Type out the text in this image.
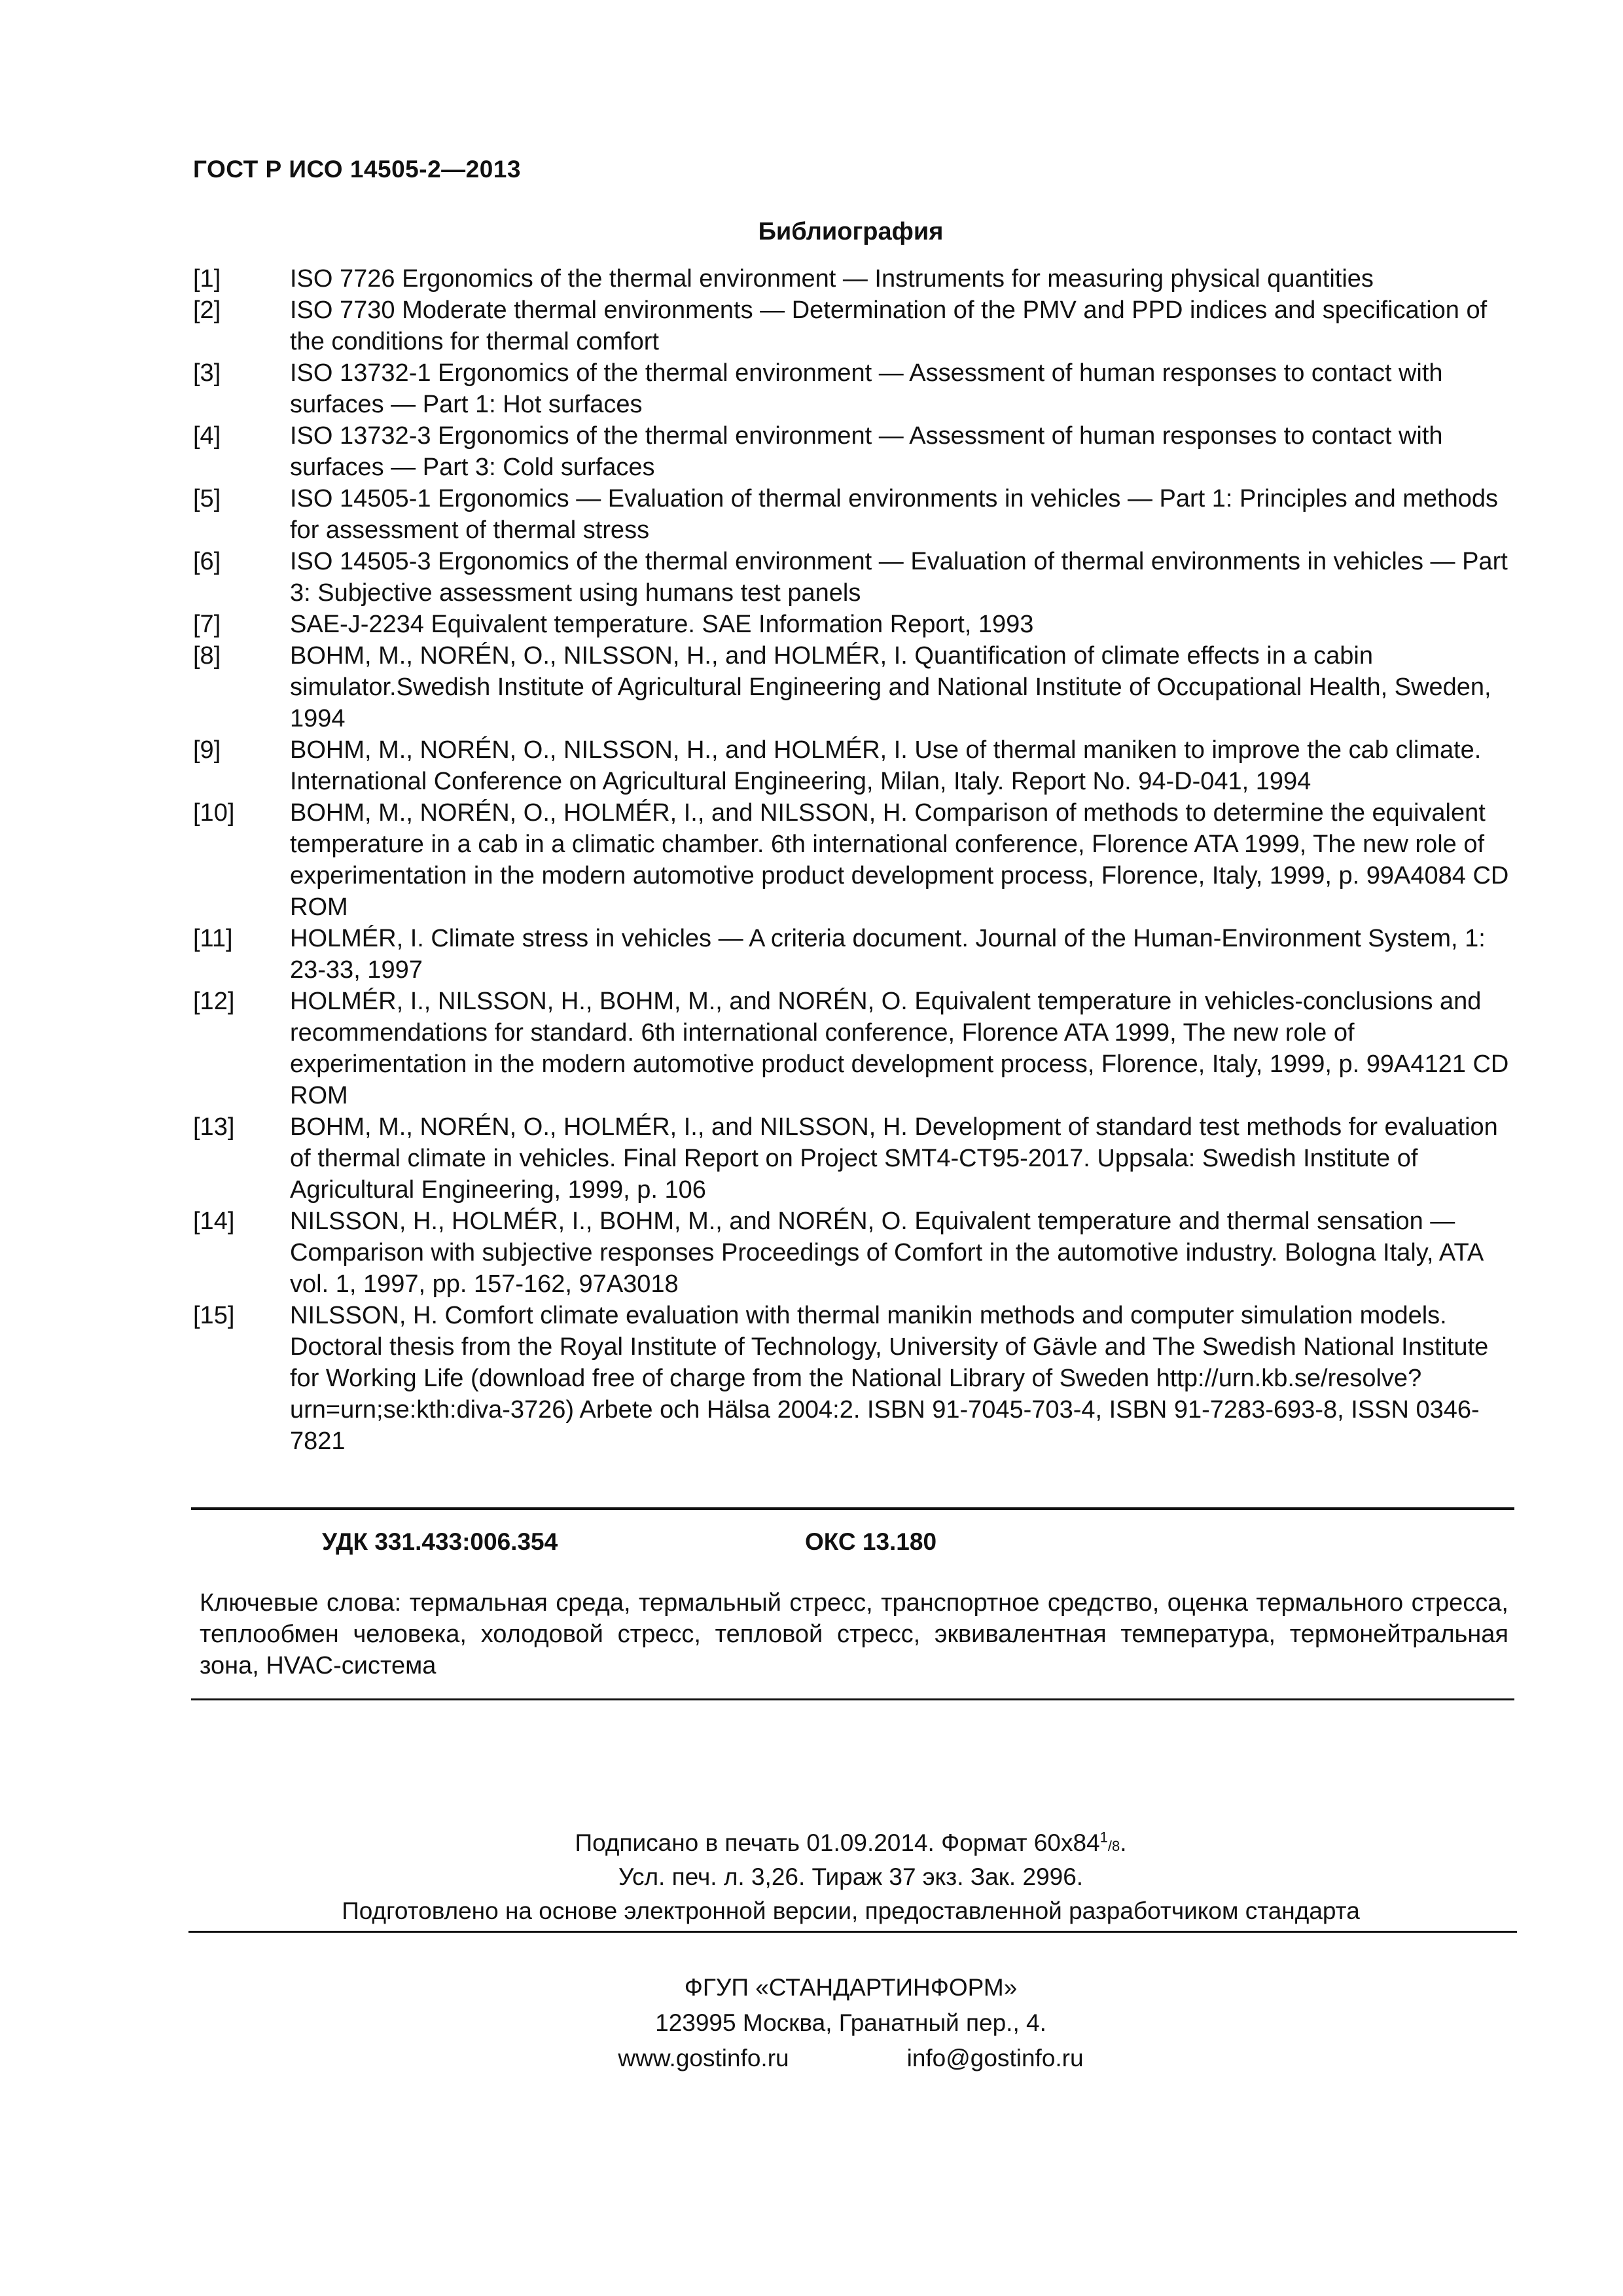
ГОСТ Р ИСО 14505-2—2013
Библиография
[1]	ISO 7726 Ergonomics of the thermal environment — Instruments for measuring physical quantities
[2]	ISO 7730 Moderate thermal environments — Determination of the PMV and PPD indices and specification of the conditions for thermal comfort
[3]	ISO 13732-1 Ergonomics of the thermal environment — Assessment of human responses to contact with surfaces — Part 1: Hot surfaces
[4]	ISO 13732-3 Ergonomics of the thermal environment — Assessment of human responses to contact with surfaces — Part 3: Cold surfaces
[5]	ISO 14505-1 Ergonomics — Evaluation of thermal environments in vehicles — Part 1: Principles and methods for assessment of thermal stress
[6]	ISO 14505-3 Ergonomics of the thermal environment — Evaluation of thermal environments in vehicles — Part 3: Subjective assessment using humans test panels
[7]	SAE-J-2234 Equivalent temperature. SAE Information Report, 1993
[8]	BOHM, M., NORÉN, O., NILSSON, H., and HOLMÉR, I. Quantification of climate effects in a cabin simulator.Swedish Institute of Agricultural Engineering and National Institute of Occupational Health, Sweden, 1994
[9]	BOHM, M., NORÉN, O., NILSSON, H., and HOLMÉR, I. Use of thermal maniken to improve the cab climate. International Conference on Agricultural Engineering, Milan, Italy. Report No. 94-D-041, 1994
[10]	BOHM, M., NORÉN, O., HOLMÉR, I., and NILSSON, H. Comparison of methods to determine the equivalent temperature in a cab in a climatic chamber. 6th international conference, Florence ATA 1999, The new role of experimentation in the modern automotive product development process, Florence, Italy, 1999, p. 99A4084 CD ROM
[11]	HOLMÉR, I. Climate stress in vehicles — A criteria document. Journal of the Human-Environment System, 1: 23-33, 1997
[12]	HOLMÉR, I., NILSSON, H., BOHM, M., and NORÉN, O. Equivalent temperature in vehicles-conclusions and recommendations for standard. 6th international conference, Florence ATA 1999, The new role of experimentation in the modern automotive product development process, Florence, Italy, 1999, p. 99A4121 CD ROM
[13]	BOHM, M., NORÉN, O., HOLMÉR, I., and NILSSON, H. Development of standard test methods for evaluation of thermal climate in vehicles. Final Report on Project SMT4-CT95-2017. Uppsala: Swedish Institute of Agricultural Engineering, 1999, p. 106
[14]	NILSSON, H., HOLMÉR, I., BOHM, M., and NORÉN, O. Equivalent temperature and thermal sensation — Comparison with subjective responses Proceedings of Comfort in the automotive industry. Bologna Italy, ATA vol. 1, 1997, pp. 157-162, 97A3018
[15]	NILSSON, H. Comfort climate evaluation with thermal manikin methods and computer simulation models. Doctoral thesis from the Royal Institute of Technology, University of Gävle and The Swedish National Institute for Working Life (download free of charge from the National Library of Sweden http://urn.kb.se/resolve?urn=urn;se:kth:diva-3726) Arbete och Hälsa 2004:2. ISBN 91-7045-703-4, ISBN 91-7283-693-8, ISSN 0346-7821
УДК 331.433:006.354	ОКС 13.180
Ключевые слова: термальная среда, термальный стресс, транспортное средство, оценка термального стресса, теплообмен человека, холодовой стресс, тепловой стресс, эквивалентная температура, термонейтральная зона, HVAC-система
Подписано в печать 01.09.2014. Формат $60х84^1/8$.
Усл. печ. л. 3,26. Тираж 37 экз. Зак. 2996.
Подготовлено на основе электронной версии, предоставленной разработчиком стандарта
ФГУП «СТАНДАРТИНФОРМ»
123995 Москва, Гранатный пер., 4.
www.gostinfo.ru	info@gostinfo.ru
